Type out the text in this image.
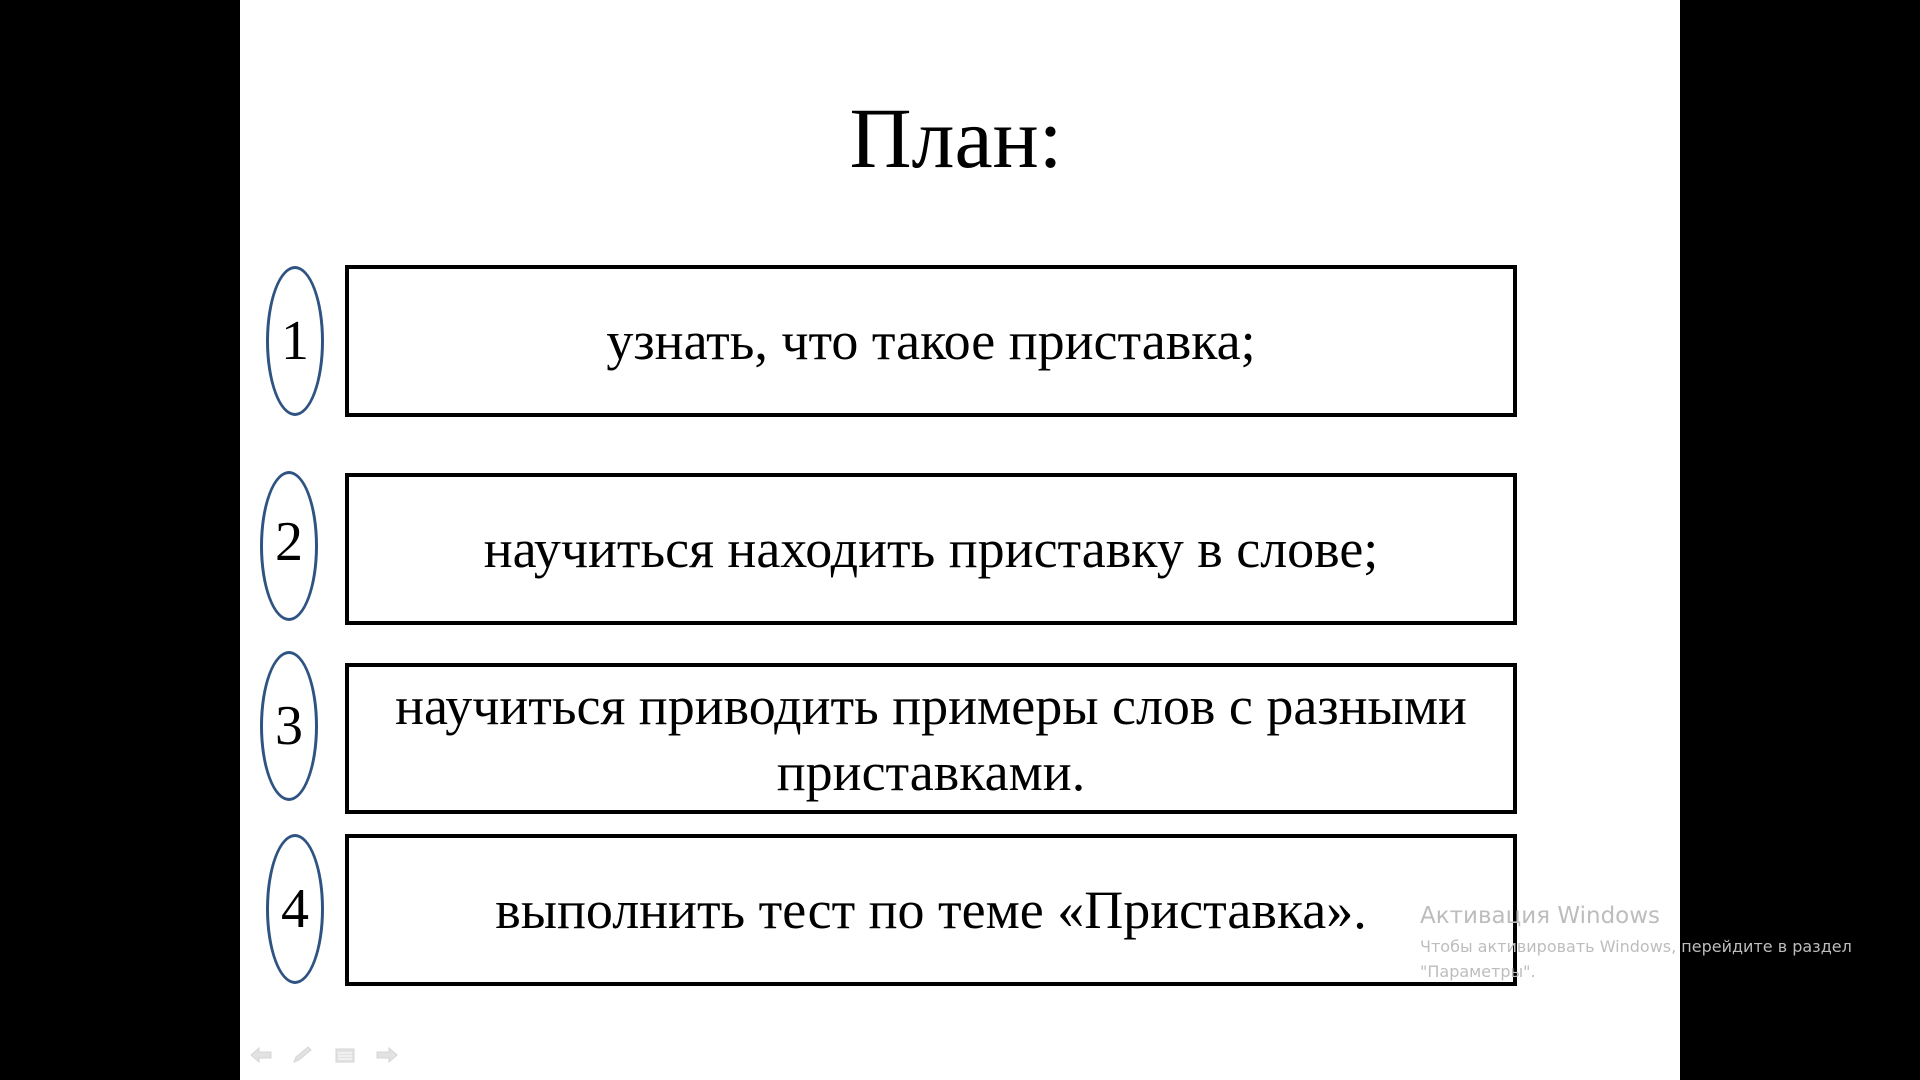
План:
1	узнать, что такое приставка;
2	научиться находить приставку в слове;
3	научиться приводить примеры слов с разными приставками.
4	выполнить тест по теме «Приставка».	Активация Windows
Чтобы активировать Windows, перейдите в раздел "Параметры".
